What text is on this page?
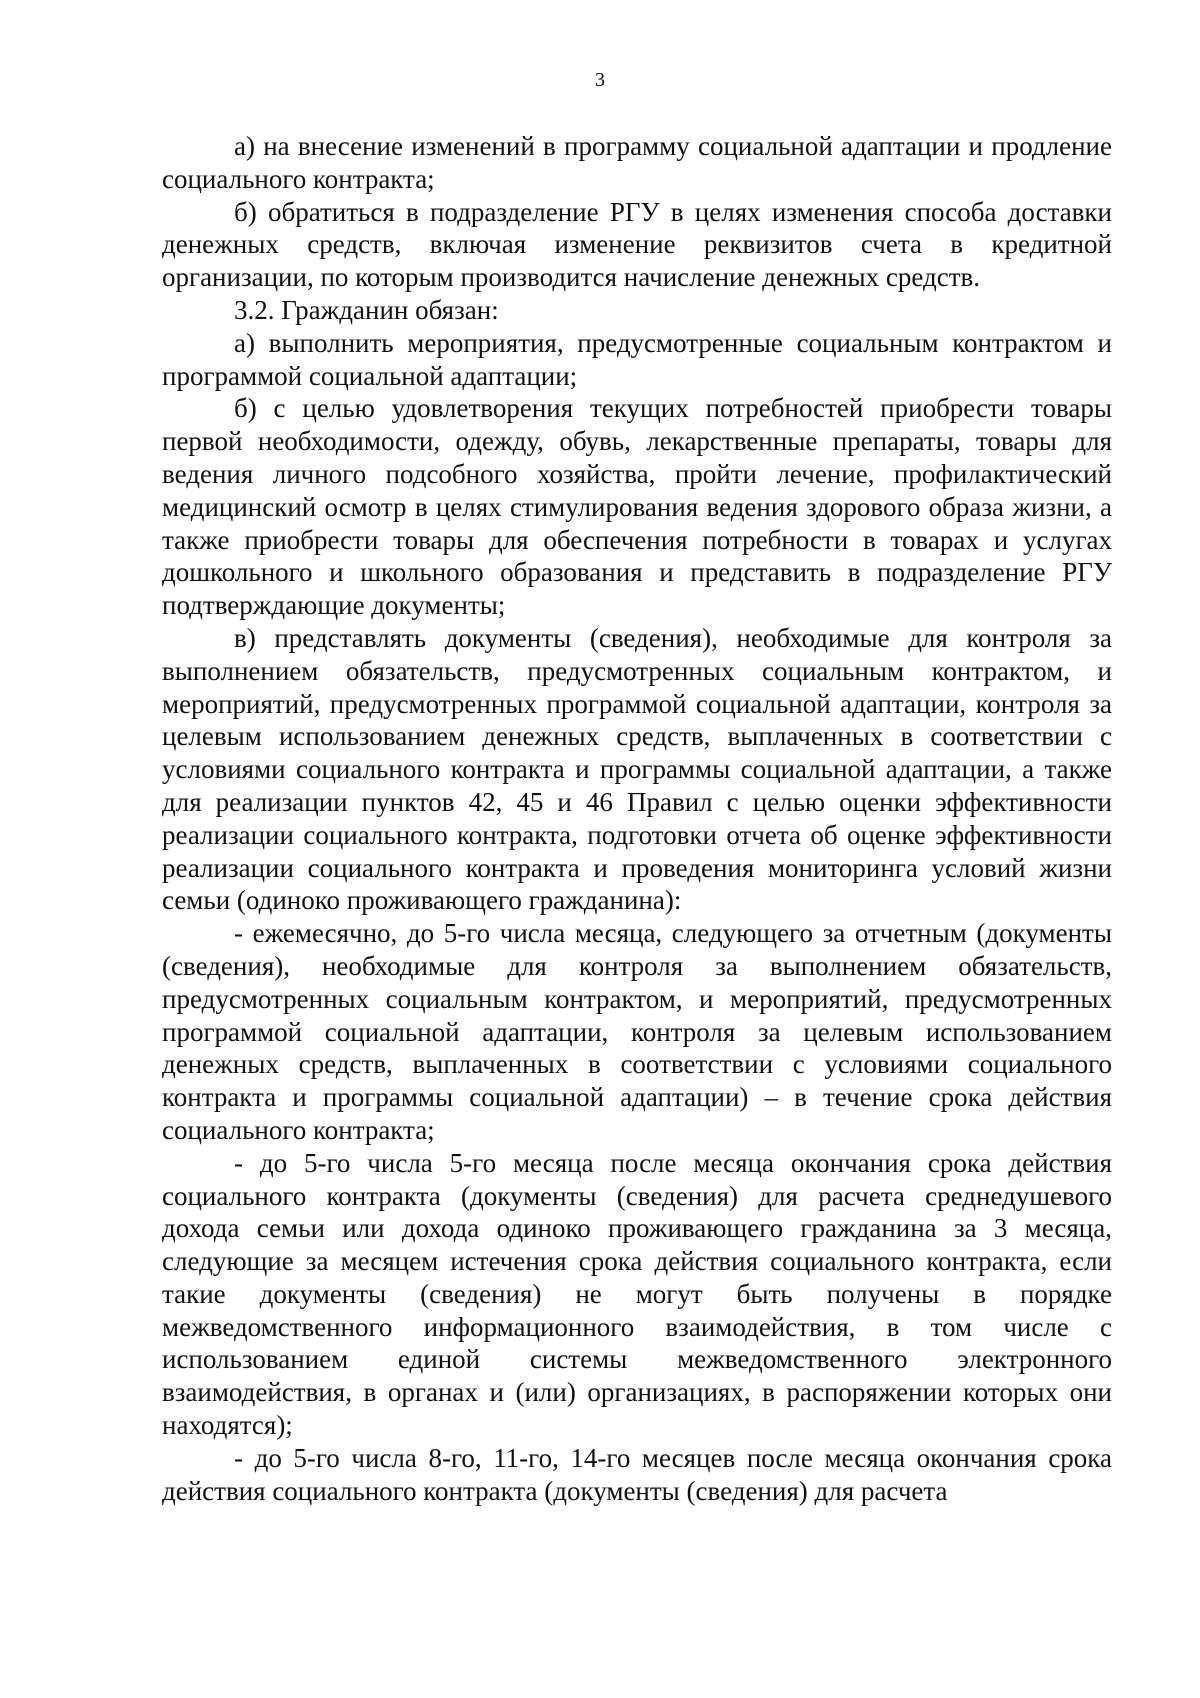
3

а) на внесение изменений в программу социальной адаптации и продление социального контракта;

б) обратиться в подразделение РГУ в целях изменения способа доставки денежных средств, включая изменение реквизитов счета в кредитной организации, по которым производится начисление денежных средств.

3.2. Гражданин обязан:

а) выполнить мероприятия, предусмотренные социальным контрактом и программой социальной адаптации;

б) с целью удовлетворения текущих потребностей приобрести товары первой необходимости, одежду, обувь, лекарственные препараты, товары для ведения личного подсобного хозяйства, пройти лечение, профилактический медицинский осмотр в целях стимулирования ведения здорового образа жизни, а также приобрести товары для обеспечения потребности в товарах и услугах дошкольного и школьного образования и представить в подразделение РГУ подтверждающие документы;

в) представлять документы (сведения), необходимые для контроля за выполнением обязательств, предусмотренных социальным контрактом, и мероприятий, предусмотренных программой социальной адаптации, контроля за целевым использованием денежных средств, выплаченных в соответствии с условиями социального контракта и программы социальной адаптации, а также для реализации пунктов 42, 45 и 46 Правил с целью оценки эффективности реализации социального контракта, подготовки отчета об оценке эффективности реализации социального контракта и проведения мониторинга условий жизни семьи (одиноко проживающего гражданина):

- ежемесячно, до 5-го числа месяца, следующего за отчетным (документы (сведения), необходимые для контроля за выполнением обязательств, предусмотренных социальным контрактом, и мероприятий, предусмотренных программой социальной адаптации, контроля за целевым использованием денежных средств, выплаченных в соответствии с условиями социального контракта и программы социальной адаптации) – в течение срока действия социального контракта;

- до 5-го числа 5-го месяца после месяца окончания срока действия социального контракта (документы (сведения) для расчета среднедушевого дохода семьи или дохода одиноко проживающего гражданина за 3 месяца, следующие за месяцем истечения срока действия социального контракта, если такие документы (сведения) не могут быть получены в порядке межведомственного информационного взаимодействия, в том числе с использованием единой системы межведомственного электронного взаимодействия, в органах и (или) организациях, в распоряжении которых они находятся);

- до 5-го числа 8-го, 11-го, 14-го месяцев после месяца окончания срока действия социального контракта (документы (сведения) для расчета
